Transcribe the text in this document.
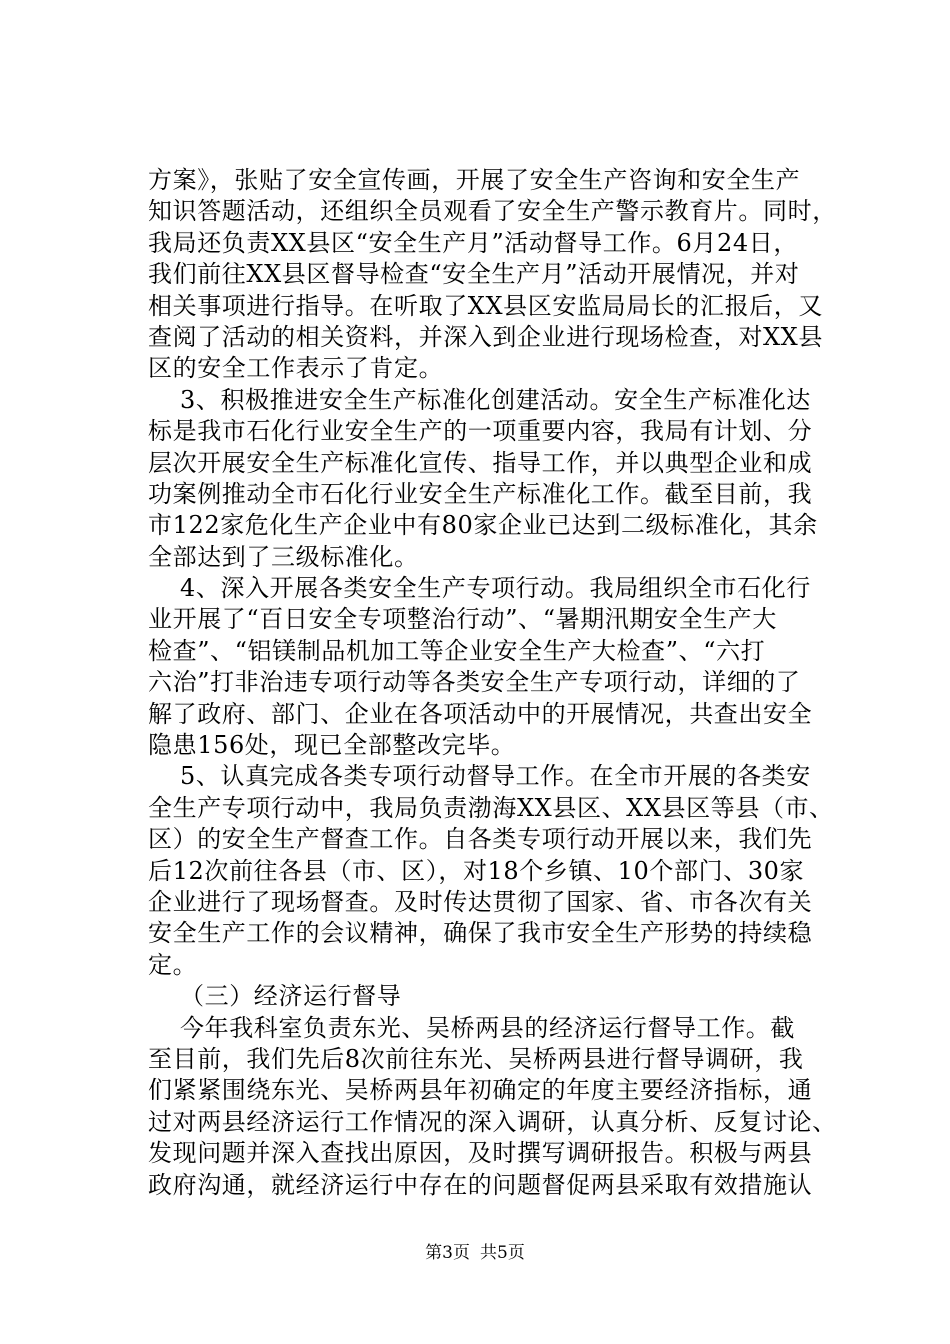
方案》，张贴了安全宣传画，开展了安全生产咨询和安全生产
知识答题活动，还组织全员观看了安全生产警示教育片。同时，
我局还负责XX县区“安全生产月”活动督导工作。6月24日，
我们前往XX县区督导检查“安全生产月”活动开展情况，并对
相关事项进行指导。在听取了XX县区安监局局长的汇报后，又
查阅了活动的相关资料，并深入到企业进行现场检查，对XX县
区的安全工作表示了肯定。
3、积极推进安全生产标准化创建活动。安全生产标准化达
标是我市石化行业安全生产的一项重要内容，我局有计划、分
层次开展安全生产标准化宣传、指导工作，并以典型企业和成
功案例推动全市石化行业安全生产标准化工作。截至目前，我
市122家危化生产企业中有80家企业已达到二级标准化，其余
全部达到了三级标准化。
4、深入开展各类安全生产专项行动。我局组织全市石化行
业开展了“百日安全专项整治行动”、“暑期汛期安全生产大
检查”、“铝镁制品机加工等企业安全生产大检查”、“六打
六治”打非治违专项行动等各类安全生产专项行动，详细的了
解了政府、部门、企业在各项活动中的开展情况，共查出安全
隐患156处，现已全部整改完毕。
5、认真完成各类专项行动督导工作。在全市开展的各类安
全生产专项行动中，我局负责渤海XX县区、XX县区等县（市、
区）的安全生产督查工作。自各类专项行动开展以来，我们先
后12次前往各县（市、区），对18个乡镇、10个部门、30家
企业进行了现场督查。及时传达贯彻了国家、省、市各次有关
安全生产工作的会议精神，确保了我市安全生产形势的持续稳
定。
（三）经济运行督导
今年我科室负责东光、吴桥两县的经济运行督导工作。截
至目前，我们先后8次前往东光、吴桥两县进行督导调研，我
们紧紧围绕东光、吴桥两县年初确定的年度主要经济指标，通
过对两县经济运行工作情况的深入调研，认真分析、反复讨论、
发现问题并深入查找出原因，及时撰写调研报告。积极与两县
政府沟通，就经济运行中存在的问题督促两县采取有效措施认
第3页 共5页
